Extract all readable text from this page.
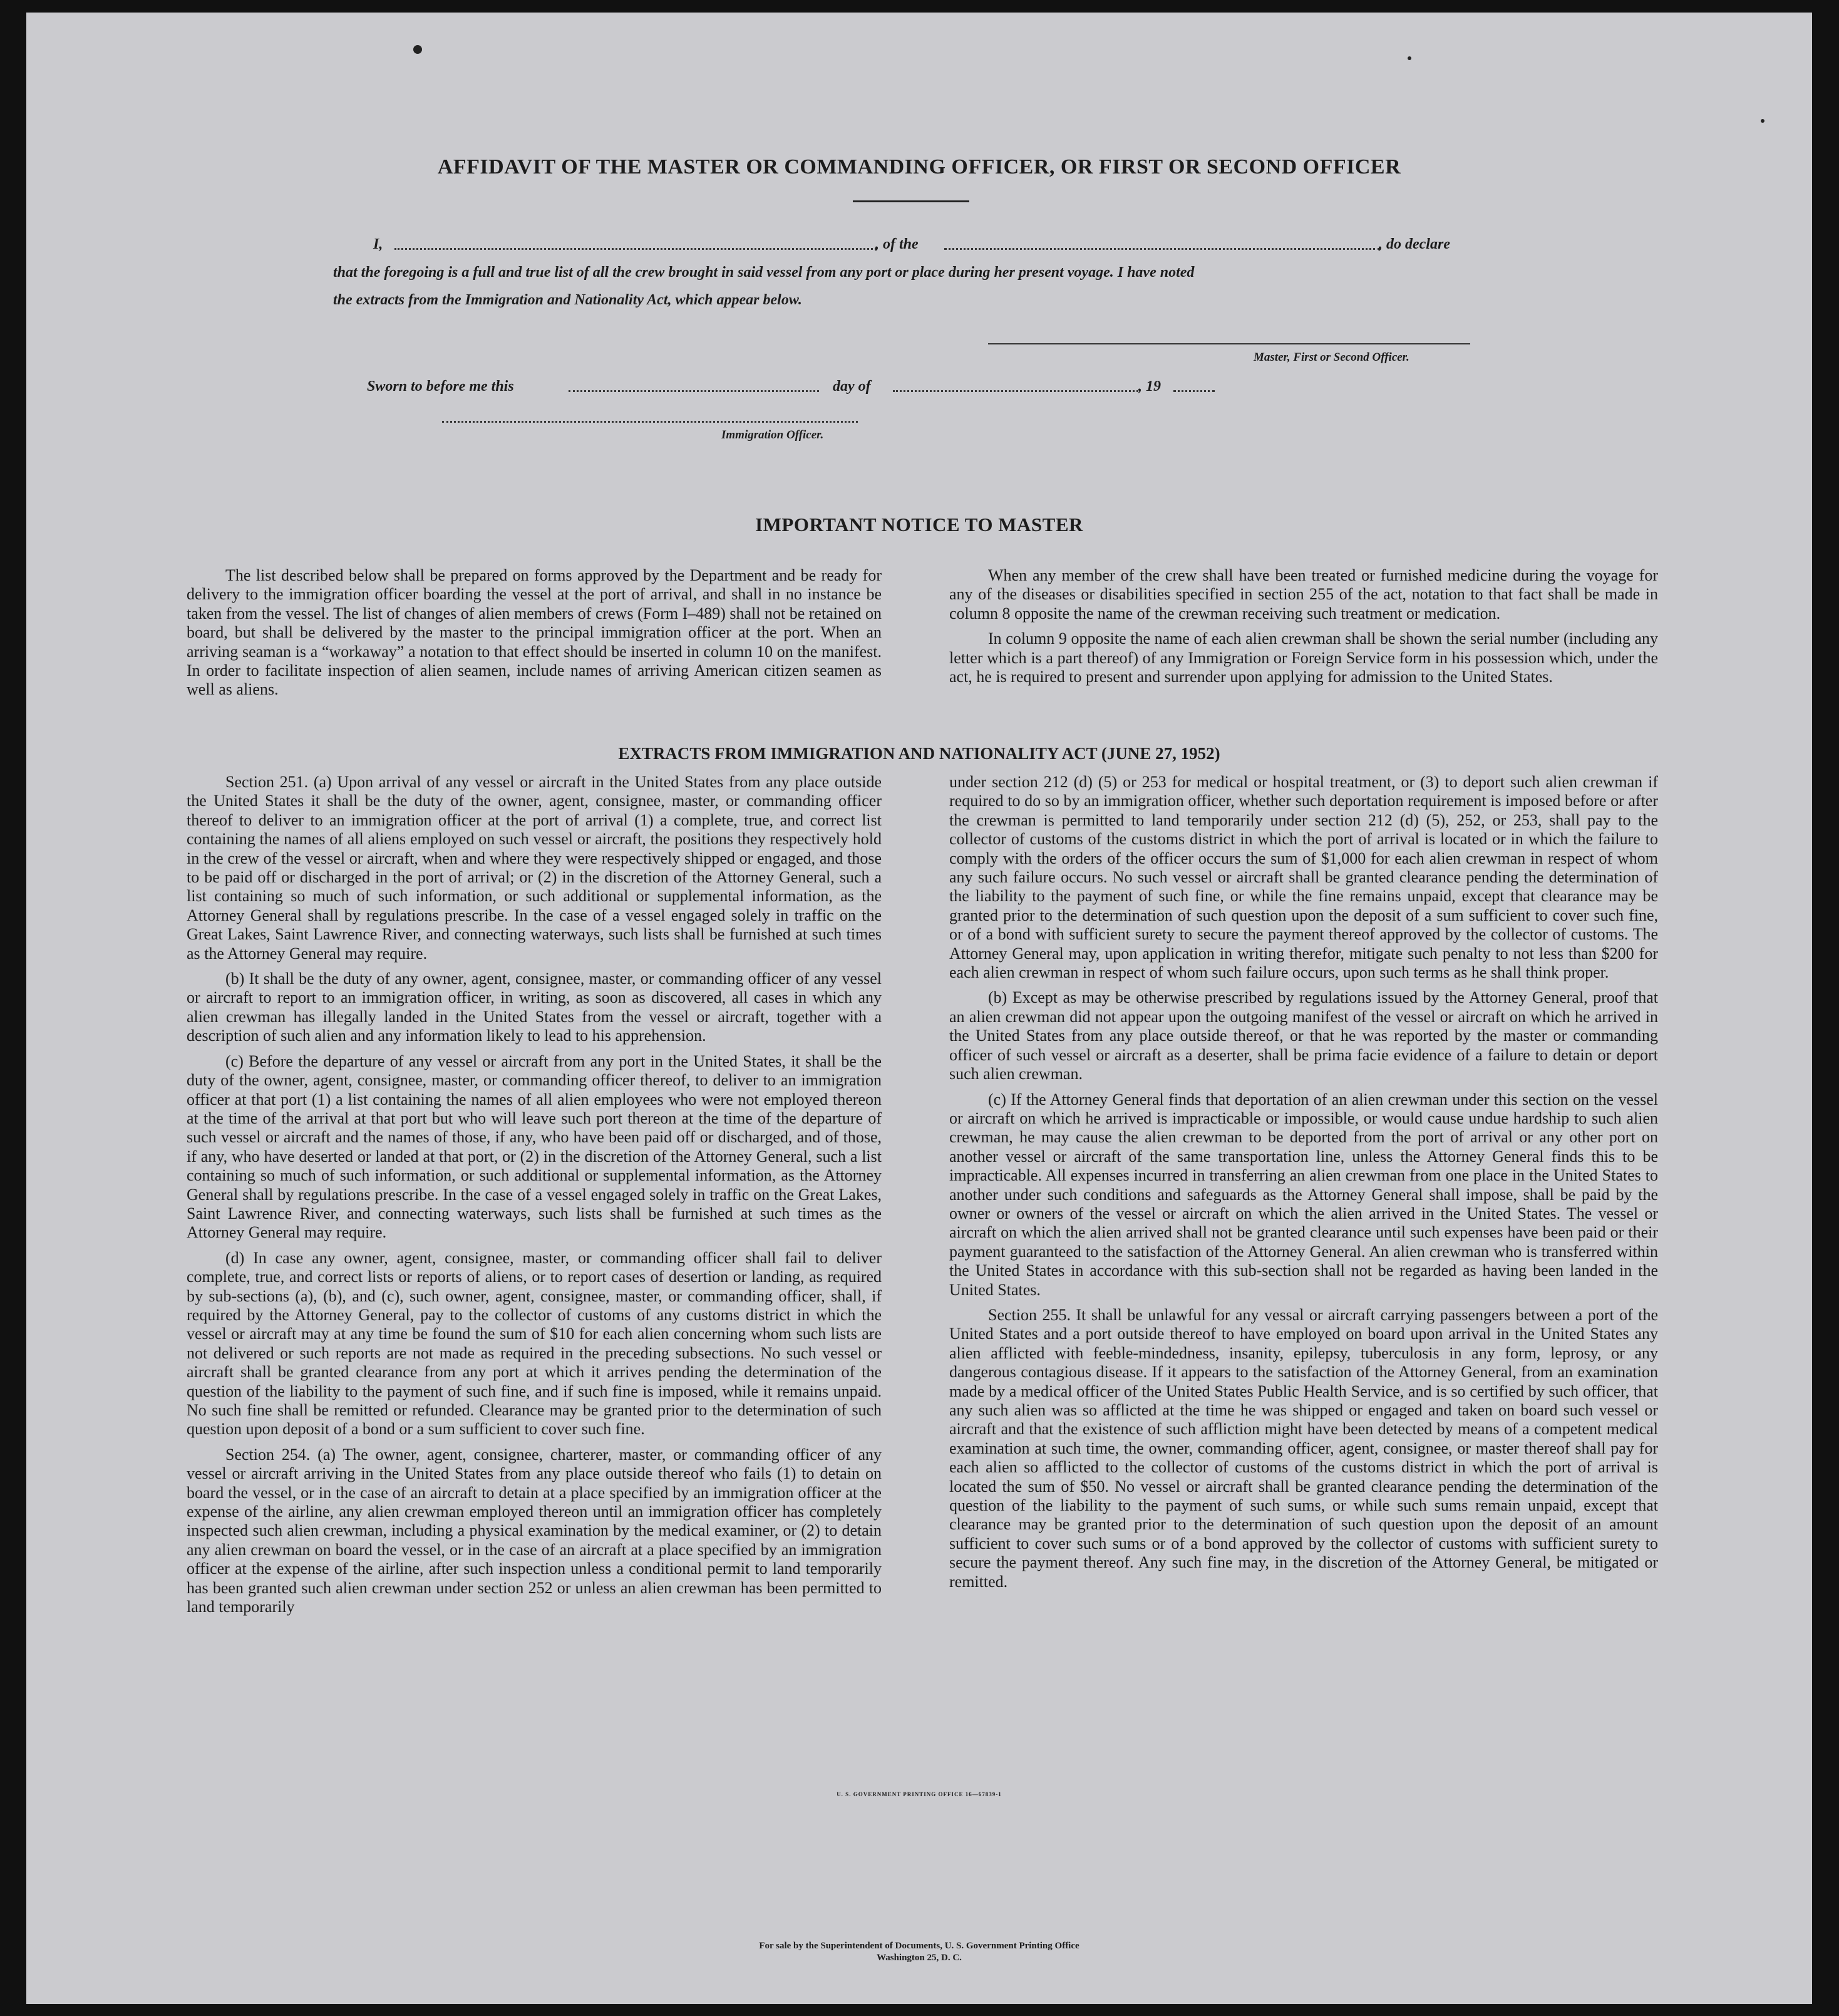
AFFIDAVIT OF THE MASTER OR COMMANDING OFFICER, OR FIRST OR SECOND OFFICER
I,	, of the	, do declare
that the foregoing is a full and true list of all the crew brought in said vessel from any port or place during her present voyage. I have noted
the extracts from the Immigration and Nationality Act, which appear below.
Master, First or Second Officer.
Sworn to before me this	day of	, 19
Immigration Officer.
IMPORTANT NOTICE TO MASTER

The list described below shall be prepared on forms approved by the Department and be ready for delivery to the immigration officer boarding the vessel at the port of arrival, and shall in no instance be taken from the vessel. The list of changes of alien members of crews (Form I–489) shall not be retained on board, but shall be delivered by the master to the principal immigration officer at the port. When an arriving seaman is a “workaway” a notation to that effect should be inserted in column 10 on the manifest. In order to facilitate inspection of alien seamen, include names of arriving American citizen seamen as well as aliens.

When any member of the crew shall have been treated or furnished medicine during the voyage for any of the diseases or disabilities specified in section 255 of the act, notation to that fact shall be made in column 8 opposite the name of the crewman receiving such treatment or medication.

In column 9 opposite the name of each alien crewman shall be shown the serial number (including any letter which is a part thereof) of any Immigration or Foreign Service form in his possession which, under the act, he is required to present and surrender upon applying for admission to the United States.

EXTRACTS FROM IMMIGRATION AND NATIONALITY ACT (JUNE 27, 1952)

Section 251. (a) Upon arrival of any vessel or aircraft in the United States from any place outside the United States it shall be the duty of the owner, agent, consignee, master, or commanding officer thereof to deliver to an immigration officer at the port of arrival (1) a complete, true, and correct list containing the names of all aliens employed on such vessel or aircraft, the positions they respectively hold in the crew of the vessel or aircraft, when and where they were respectively shipped or engaged, and those to be paid off or discharged in the port of arrival; or (2) in the discretion of the Attorney General, such a list containing so much of such information, or such additional or supplemental information, as the Attorney General shall by regulations prescribe. In the case of a vessel engaged solely in traffic on the Great Lakes, Saint Lawrence River, and connecting waterways, such lists shall be furnished at such times as the Attorney General may require.

(b) It shall be the duty of any owner, agent, consignee, master, or commanding officer of any vessel or aircraft to report to an immigration officer, in writing, as soon as discovered, all cases in which any alien crewman has illegally landed in the United States from the vessel or aircraft, together with a description of such alien and any information likely to lead to his apprehension.

(c) Before the departure of any vessel or aircraft from any port in the United States, it shall be the duty of the owner, agent, consignee, master, or commanding officer thereof, to deliver to an immigration officer at that port (1) a list containing the names of all alien employees who were not employed thereon at the time of the arrival at that port but who will leave such port thereon at the time of the departure of such vessel or aircraft and the names of those, if any, who have been paid off or discharged, and of those, if any, who have deserted or landed at that port, or (2) in the discretion of the Attorney General, such a list containing so much of such information, or such additional or supplemental information, as the Attorney General shall by regulations prescribe. In the case of a vessel engaged solely in traffic on the Great Lakes, Saint Lawrence River, and connecting waterways, such lists shall be furnished at such times as the Attorney General may require.

(d) In case any owner, agent, consignee, master, or commanding officer shall fail to deliver complete, true, and correct lists or reports of aliens, or to report cases of desertion or landing, as required by sub-sections (a), (b), and (c), such owner, agent, consignee, master, or commanding officer, shall, if required by the Attorney General, pay to the collector of customs of any customs district in which the vessel or aircraft may at any time be found the sum of $10 for each alien concerning whom such lists are not delivered or such reports are not made as required in the preceding subsections. No such vessel or aircraft shall be granted clearance from any port at which it arrives pending the determination of the question of the liability to the payment of such fine, and if such fine is imposed, while it remains unpaid. No such fine shall be remitted or refunded. Clearance may be granted prior to the determination of such question upon deposit of a bond or a sum sufficient to cover such fine.

Section 254. (a) The owner, agent, consignee, charterer, master, or commanding officer of any vessel or aircraft arriving in the United States from any place outside thereof who fails (1) to detain on board the vessel, or in the case of an aircraft to detain at a place specified by an immigration officer at the expense of the airline, any alien crewman employed thereon until an immigration officer has completely inspected such alien crewman, including a physical examination by the medical examiner, or (2) to detain any alien crewman on board the vessel, or in the case of an aircraft at a place specified by an immigration officer at the expense of the airline, after such inspection unless a conditional permit to land temporarily has been granted such alien crewman under section 252 or unless an alien crewman has been permitted to land temporarily

under section 212 (d) (5) or 253 for medical or hospital treatment, or (3) to deport such alien crewman if required to do so by an immigration officer, whether such deportation requirement is imposed before or after the crewman is permitted to land temporarily under section 212 (d) (5), 252, or 253, shall pay to the collector of customs of the customs district in which the port of arrival is located or in which the failure to comply with the orders of the officer occurs the sum of $1,000 for each alien crewman in respect of whom any such failure occurs. No such vessel or aircraft shall be granted clearance pending the determination of the liability to the payment of such fine, or while the fine remains unpaid, except that clearance may be granted prior to the determination of such question upon the deposit of a sum sufficient to cover such fine, or of a bond with sufficient surety to secure the payment thereof approved by the collector of customs. The Attorney General may, upon application in writing therefor, mitigate such penalty to not less than $200 for each alien crewman in respect of whom such failure occurs, upon such terms as he shall think proper.

(b) Except as may be otherwise prescribed by regulations issued by the Attorney General, proof that an alien crewman did not appear upon the outgoing manifest of the vessel or aircraft on which he arrived in the United States from any place outside thereof, or that he was reported by the master or commanding officer of such vessel or aircraft as a deserter, shall be prima facie evidence of a failure to detain or deport such alien crewman.

(c) If the Attorney General finds that deportation of an alien crewman under this section on the vessel or aircraft on which he arrived is impracticable or impossible, or would cause undue hardship to such alien crewman, he may cause the alien crewman to be deported from the port of arrival or any other port on another vessel or aircraft of the same transportation line, unless the Attorney General finds this to be impracticable. All expenses incurred in transferring an alien crewman from one place in the United States to another under such conditions and safeguards as the Attorney General shall impose, shall be paid by the owner or owners of the vessel or aircraft on which the alien arrived in the United States. The vessel or aircraft on which the alien arrived shall not be granted clearance until such expenses have been paid or their payment guaranteed to the satisfaction of the Attorney General. An alien crewman who is transferred within the United States in accordance with this sub-section shall not be regarded as having been landed in the United States.

Section 255. It shall be unlawful for any vessal or aircraft carrying passengers between a port of the United States and a port outside thereof to have employed on board upon arrival in the United States any alien afflicted with feeble-mindedness, insanity, epilepsy, tuberculosis in any form, leprosy, or any dangerous contagious disease. If it appears to the satisfaction of the Attorney General, from an examination made by a medical officer of the United States Public Health Service, and is so certified by such officer, that any such alien was so afflicted at the time he was shipped or engaged and taken on board such vessel or aircraft and that the existence of such affliction might have been detected by means of a competent medical examination at such time, the owner, commanding officer, agent, consignee, or master thereof shall pay for each alien so afflicted to the collector of customs of the customs district in which the port of arrival is located the sum of $50. No vessel or aircraft shall be granted clearance pending the determination of the question of the liability to the payment of such sums, or while such sums remain unpaid, except that clearance may be granted prior to the determination of such question upon the deposit of an amount sufficient to cover such sums or of a bond approved by the collector of customs with sufficient surety to secure the payment thereof. Any such fine may, in the discretion of the Attorney General, be mitigated or remitted.

U. S. GOVERNMENT PRINTING OFFICE 16—67839-1
For sale by the Superintendent of Documents, U. S. Government Printing Office
Washington 25, D. C.
